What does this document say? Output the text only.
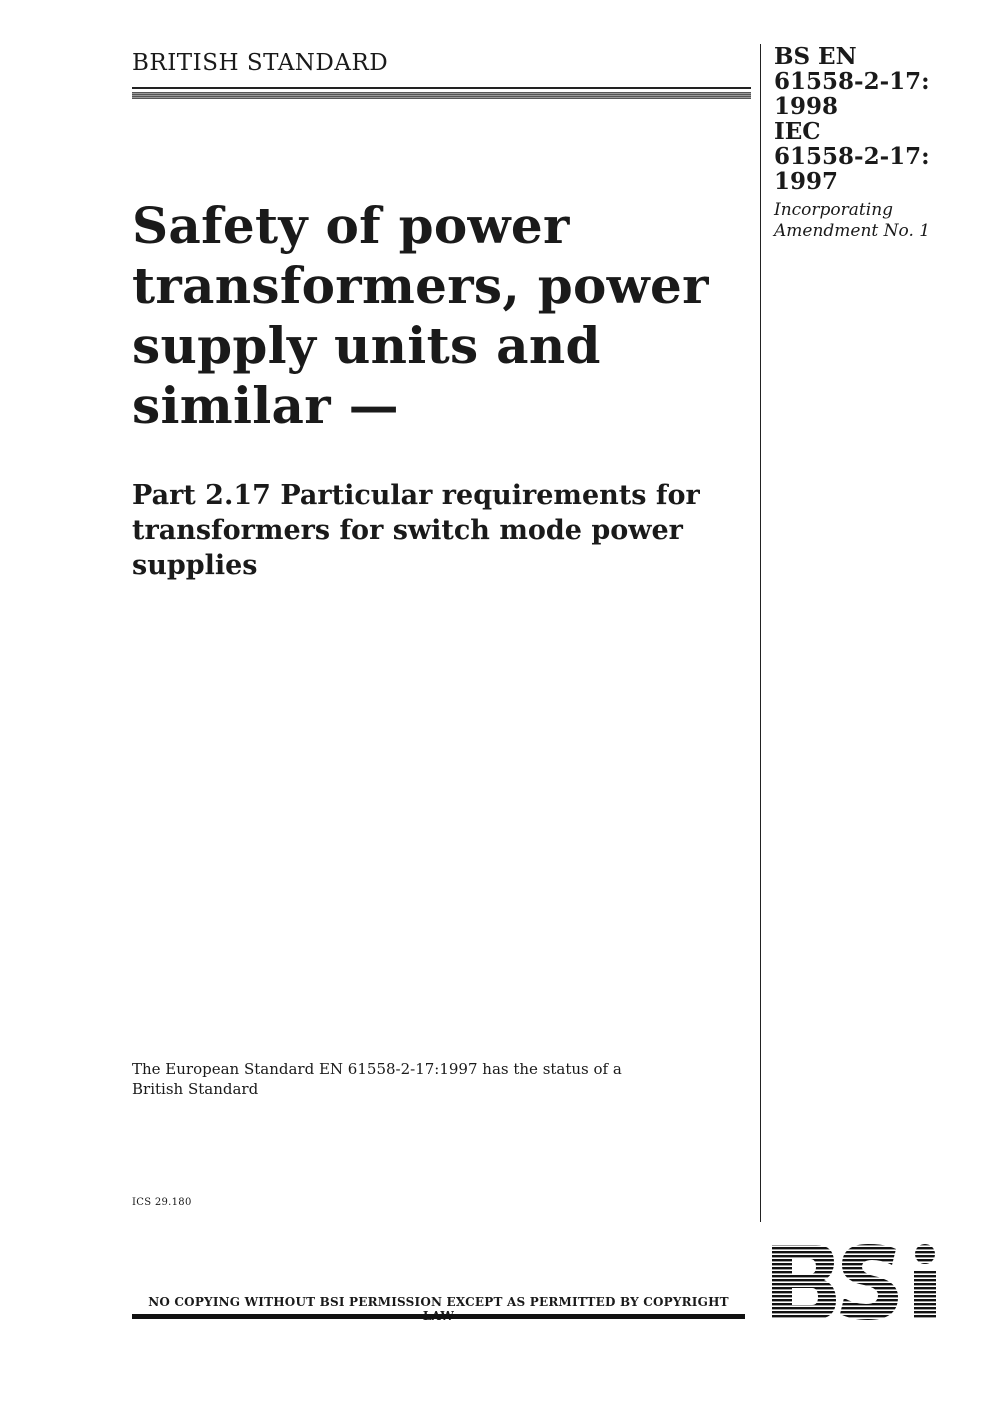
BRITISH STANDARD	BS EN
61558-2-17:
1998
IEC
61558-2-17:
1997
Incorporating
Amendment No. 1
Safety of power
transformers, power
supply units and
similar —
Part 2.17 Particular requirements for
transformers for switch mode power
supplies
The European Standard EN 61558-2-17:1997 has the status of a
British Standard
ICS 29.180
NO COPYING WITHOUT BSI PERMISSION EXCEPT AS PERMITTED BY COPYRIGHT
